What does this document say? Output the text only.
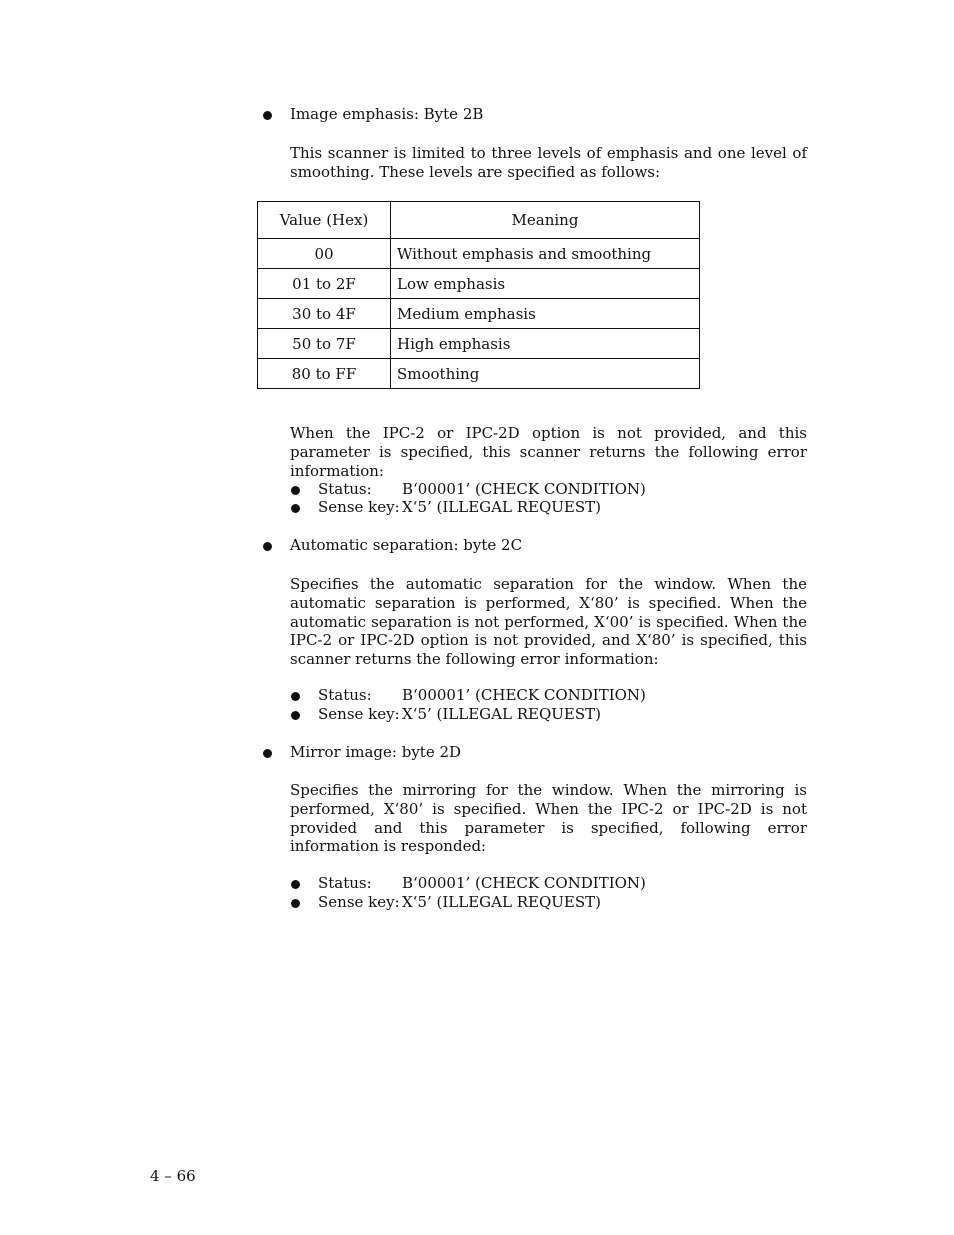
Image emphasis: Byte 2B

This scanner is limited to three levels of emphasis and one level of smoothing. These levels are specified as follows:

Value (Hex)	Meaning
00	Without emphasis and smoothing
01 to 2F	Low emphasis
30 to 4F	Medium emphasis
50 to 7F	High emphasis
80 to FF	Smoothing

When the IPC-2 or IPC-2D option is not provided, and this parameter is specified, this scanner returns the following error information:

Status: B‘00001’ (CHECK CONDITION)
Sense key: X‘5’ (ILLEGAL REQUEST)
Automatic separation: byte 2C

Specifies the automatic separation for the window. When the automatic separation is performed, X‘80’ is specified. When the automatic separation is not performed, X‘00’ is specified. When the IPC-2 or IPC-2D option is not provided, and X‘80’ is specified, this scanner returns the following error information:

Status: B‘00001’ (CHECK CONDITION)
Sense key: X‘5’ (ILLEGAL REQUEST)
Mirror image: byte 2D

Specifies the mirroring for the window. When the mirroring is performed, X‘80’ is specified. When the IPC-2 or IPC-2D is not provided and this parameter is specified, following error information is responded:

Status: B‘00001’ (CHECK CONDITION)
Sense key: X‘5’ (ILLEGAL REQUEST)
4 – 66
